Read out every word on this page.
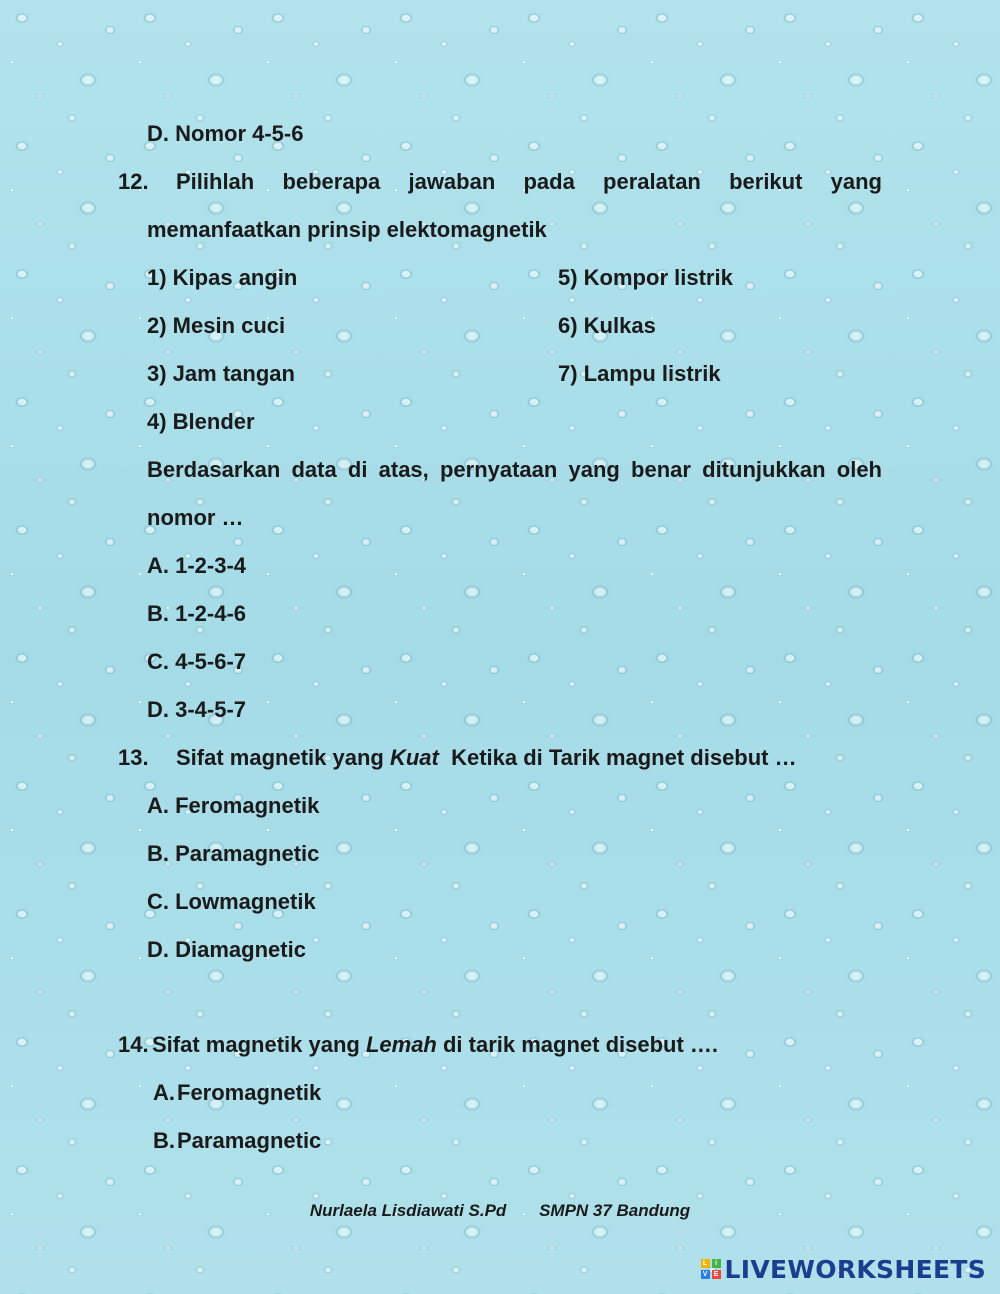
D. Nomor 4-5-6
12. Pilihlah beberapa jawaban pada peralatan berikut yang
memanfaatkan prinsip elektomagnetik
1) Kipas angin	5) Kompor listrik
2) Mesin cuci	6) Kulkas
3) Jam tangan	7) Lampu listrik
4) Blender
Berdasarkan data di atas, pernyataan yang benar ditunjukkan oleh
nomor …
A. 1-2-3-4
B. 1-2-4-6
C. 4-5-6-7
D. 3-4-5-7
13. Sifat magnetik yang Kuat  Ketika di Tarik magnet disebut …
A. Feromagnetik
B. Paramagnetic
C. Lowmagnetik
D. Diamagnetic
14. Sifat magnetik yang Lemah di tarik magnet disebut ….
A. Feromagnetik
B. Paramagnetic
Nurlaela Lisdiawati S.Pd SMPN 37 Bandung
L	i
V E LIVEWORKSHEETS
